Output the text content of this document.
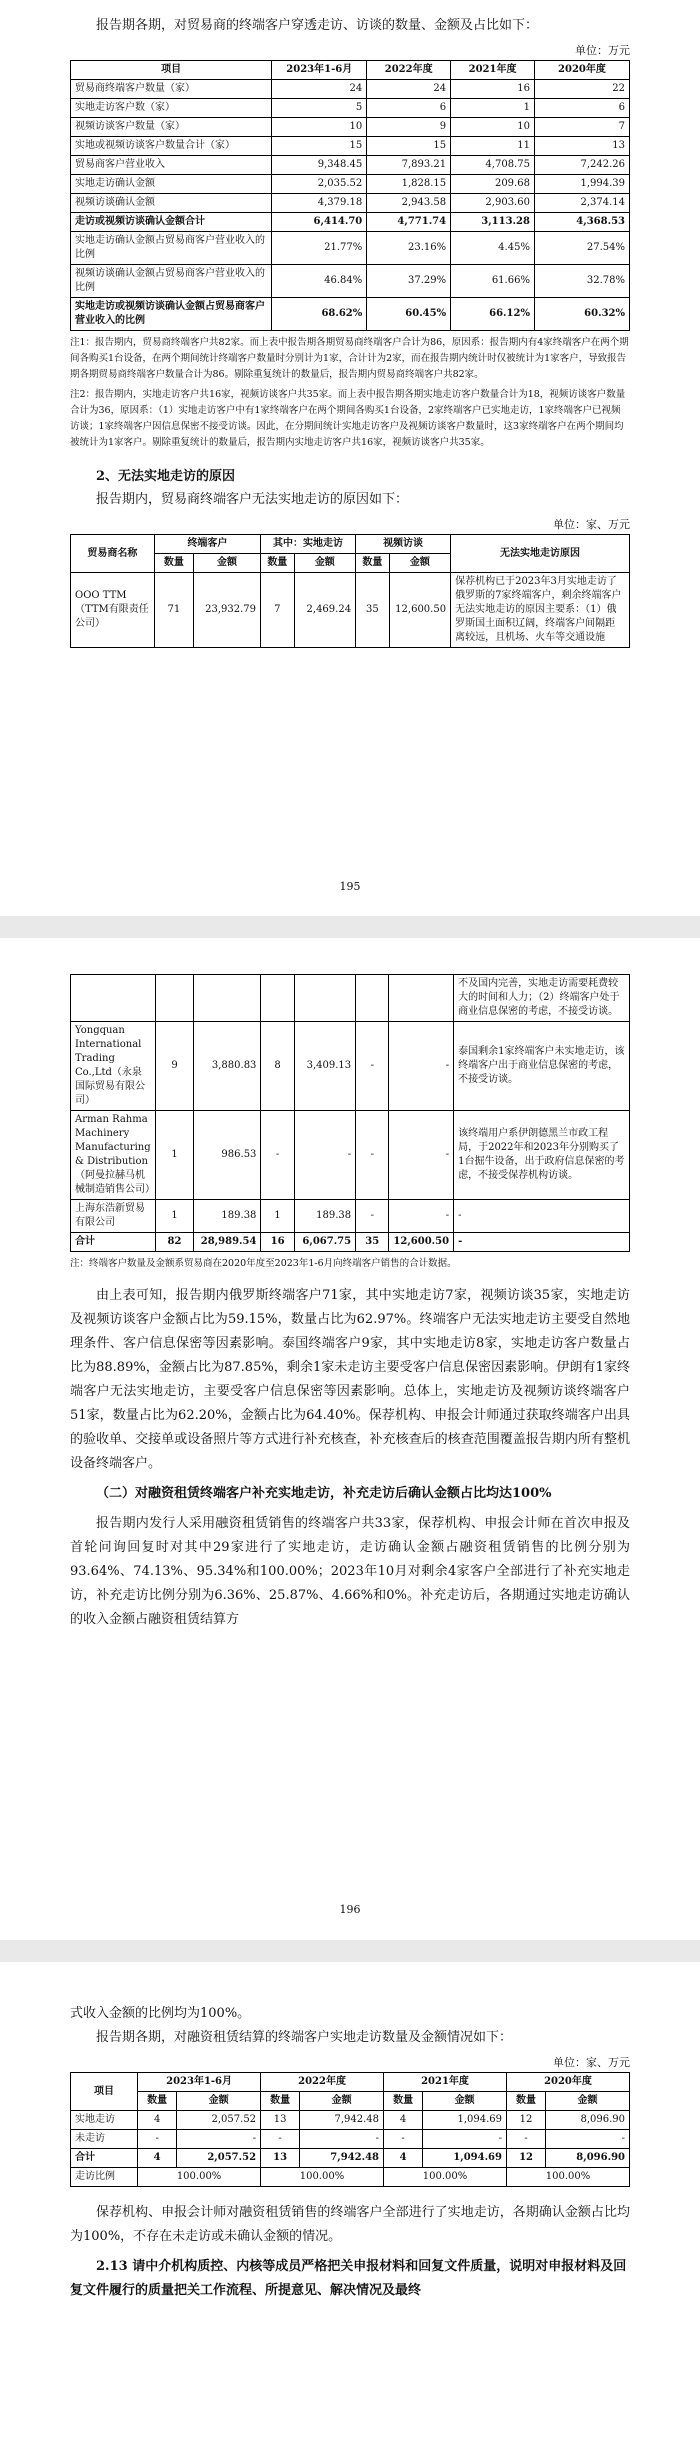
报告期各期，对贸易商的终端客户穿透走访、访谈的数量、金额及占比如下：

单位：万元
项目	2023年1-6月	2022年度	2021年度	2020年度
贸易商终端客户数量（家）	24	24	16	22
实地走访客户数（家）	5	6	1	6
视频访谈客户数量（家）	10	9	10	7
实地或视频访谈客户数量合计（家）	15	15	11	13
贸易商客户营业收入	9,348.45	7,893.21	4,708.75	7,242.26
实地走访确认金额	2,035.52	1,828.15	209.68	1,994.39
视频访谈确认金额	4,379.18	2,943.58	2,903.60	2,374.14
走访或视频访谈确认金额合计	6,414.70	4,771.74	3,113.28	4,368.53
实地走访确认金额占贸易商客户营业收入的比例	21.77%	23.16%	4.45%	27.54%
视频访谈确认金额占贸易商客户营业收入的比例	46.84%	37.29%	61.66%	32.78%
实地走访或视频访谈确认金额占贸易商客户营业收入的比例	68.62%	60.45%	66.12%	60.32%

注1：报告期内，贸易商终端客户共82家。而上表中报告期各期贸易商终端客户合计为86，原因系：报告期内有4家终端客户在两个期间各购买1台设备，在两个期间统计终端客户数量时分别计为1家，合计计为2家，而在报告期内统计时仅被统计为1家客户，导致报告期各期贸易商终端客户数量合计为86。剔除重复统计的数量后，报告期内贸易商终端客户共82家。

注2：报告期内，实地走访客户共16家，视频访谈客户共35家。而上表中报告期各期实地走访客户数量合计为18，视频访谈客户数量合计为36，原因系：（1）实地走访客户中有1家终端客户在两个期间各购买1台设备，2家终端客户已实地走访，1家终端客户已视频访谈；1家终端客户因信息保密不接受访谈。因此，在分期间统计实地走访客户及视频访谈客户数量时，这3家终端客户在两个期间均被统计为1家客户。剔除重复统计的数量后，报告期内实地走访客户共16家，视频访谈客户共35家。

2、无法实地走访的原因

报告期内，贸易商终端客户无法实地走访的原因如下：

单位：家、万元
贸易商名称	终端客户		其中：实地走访		视频访谈		无法实地走访原因
	数量	金额	数量	金额	数量	金额	
OOO TTM（TTM有限责任公司）	71	23,932.79	7	2,469.24	35	12,600.50	保荐机构已于2023年3月实地走访了俄罗斯的7家终端客户，剩余终端客户无法实地走访的原因主要系：（1）俄罗斯国土面积辽阔，终端客户间隔距离较远，且机场、火车等交通设施
195
							不及国内完善，实地走访需要耗费较大的时间和人力；（2）终端客户处于商业信息保密的考虑，不接受访谈。
Yongquan International Trading Co.,Ltd（永泉国际贸易有限公司）	9	3,880.83	8	3,409.13	-	-	泰国剩余1家终端客户未实地走访，该终端客户出于商业信息保密的考虑，不接受访谈。
Arman Rahma Machinery Manufacturing & Distribution（阿曼拉赫马机械制造销售公司）	1	986.53	-	-	-	-	该终端用户系伊朗德黑兰市政工程局，于2022年和2023年分别购买了1台掘牛设备，出于政府信息保密的考虑，不接受保荐机构访谈。
上海东浩新贸易有限公司	1	189.38	1	189.38	-	-	-
合计	82	28,989.54	16	6,067.75	35	12,600.50	-

注：终端客户数量及金额系贸易商在2020年度至2023年1-6月向终端客户销售的合计数据。

由上表可知，报告期内俄罗斯终端客户71家，其中实地走访7家，视频访谈35家，实地走访及视频访谈客户金额占比为59.15%，数量占比为62.97%。终端客户无法实地走访主要受自然地理条件、客户信息保密等因素影响。泰国终端客户9家，其中实地走访8家，实地走访客户数量占比为88.89%，金额占比为87.85%，剩余1家未走访主要受客户信息保密因素影响。伊朗有1家终端客户无法实地走访，主要受客户信息保密等因素影响。总体上，实地走访及视频访谈终端客户51家，数量占比为62.20%，金额占比为64.40%。保荐机构、申报会计师通过获取终端客户出具的验收单、交接单或设备照片等方式进行补充核查，补充核查后的核查范围覆盖报告期内所有整机设备终端客户。

（二）对融资租赁终端客户补充实地走访，补充走访后确认金额占比均达100%

报告期内发行人采用融资租赁销售的终端客户共33家，保荐机构、申报会计师在首次申报及首轮问询回复时对其中29家进行了实地走访，走访确认金额占融资租赁销售的比例分别为93.64%、74.13%、95.34%和100.00%；2023年10月对剩余4家客户全部进行了补充实地走访，补充走访比例分别为6.36%、25.87%、4.66%和0%。补充走访后，各期通过实地走访确认的收入金额占融资租赁结算方

196

式收入金额的比例均为100%。

报告期各期，对融资租赁结算的终端客户实地走访数量及金额情况如下：

单位：家、万元
项目	2023年1-6月		2022年度		2021年度		2020年度	
	数量	金额	数量	金额	数量	金额	数量	金额
实地走访	4	2,057.52	13	7,942.48	4	1,094.69	12	8,096.90
未走访	-	-	-	-	-	-	-	-
合计	4	2,057.52	13	7,942.48	4	1,094.69	12	8,096.90
走访比例	100.00%		100.00%		100.00%		100.00%	

保荐机构、申报会计师对融资租赁销售的终端客户全部进行了实地走访，各期确认金额占比均为100%，不存在未走访或未确认金额的情况。

2.13 请中介机构质控、内核等成员严格把关申报材料和回复文件质量，说明对申报材料及回复文件履行的质量把关工作流程、所提意见、解决情况及最终
